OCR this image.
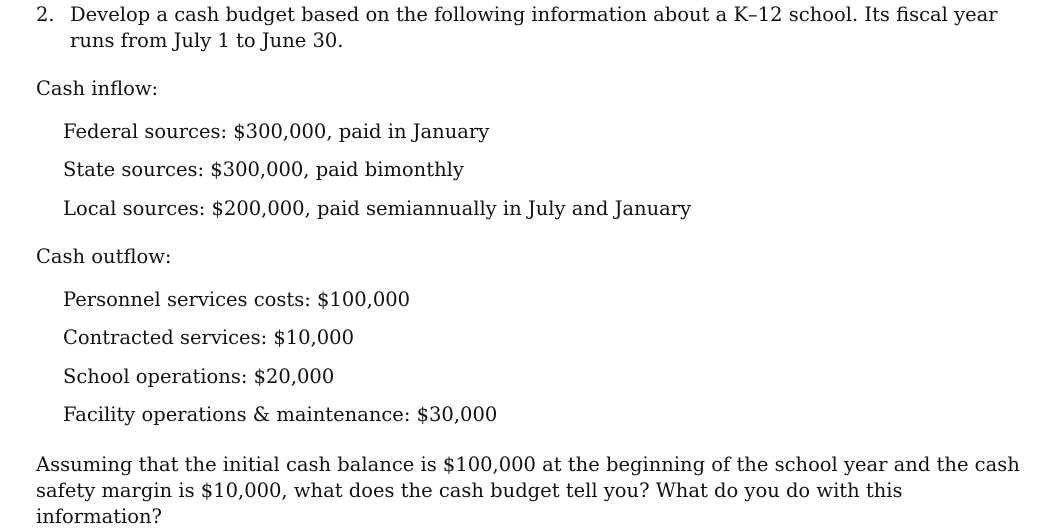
2. Develop a cash budget based on the following information about a K–12 school. Its fiscal year runs from July 1 to June 30.
Cash inflow:
Federal sources: $300,000, paid in January
State sources: $300,000, paid bimonthly
Local sources: $200,000, paid semiannually in July and January
Cash outflow:
Personnel services costs: $100,000
Contracted services: $10,000
School operations: $20,000
Facility operations & maintenance: $30,000
Assuming that the initial cash balance is $100,000 at the beginning of the school year and the cash safety margin is $10,000, what does the cash budget tell you? What do you do with this information?
